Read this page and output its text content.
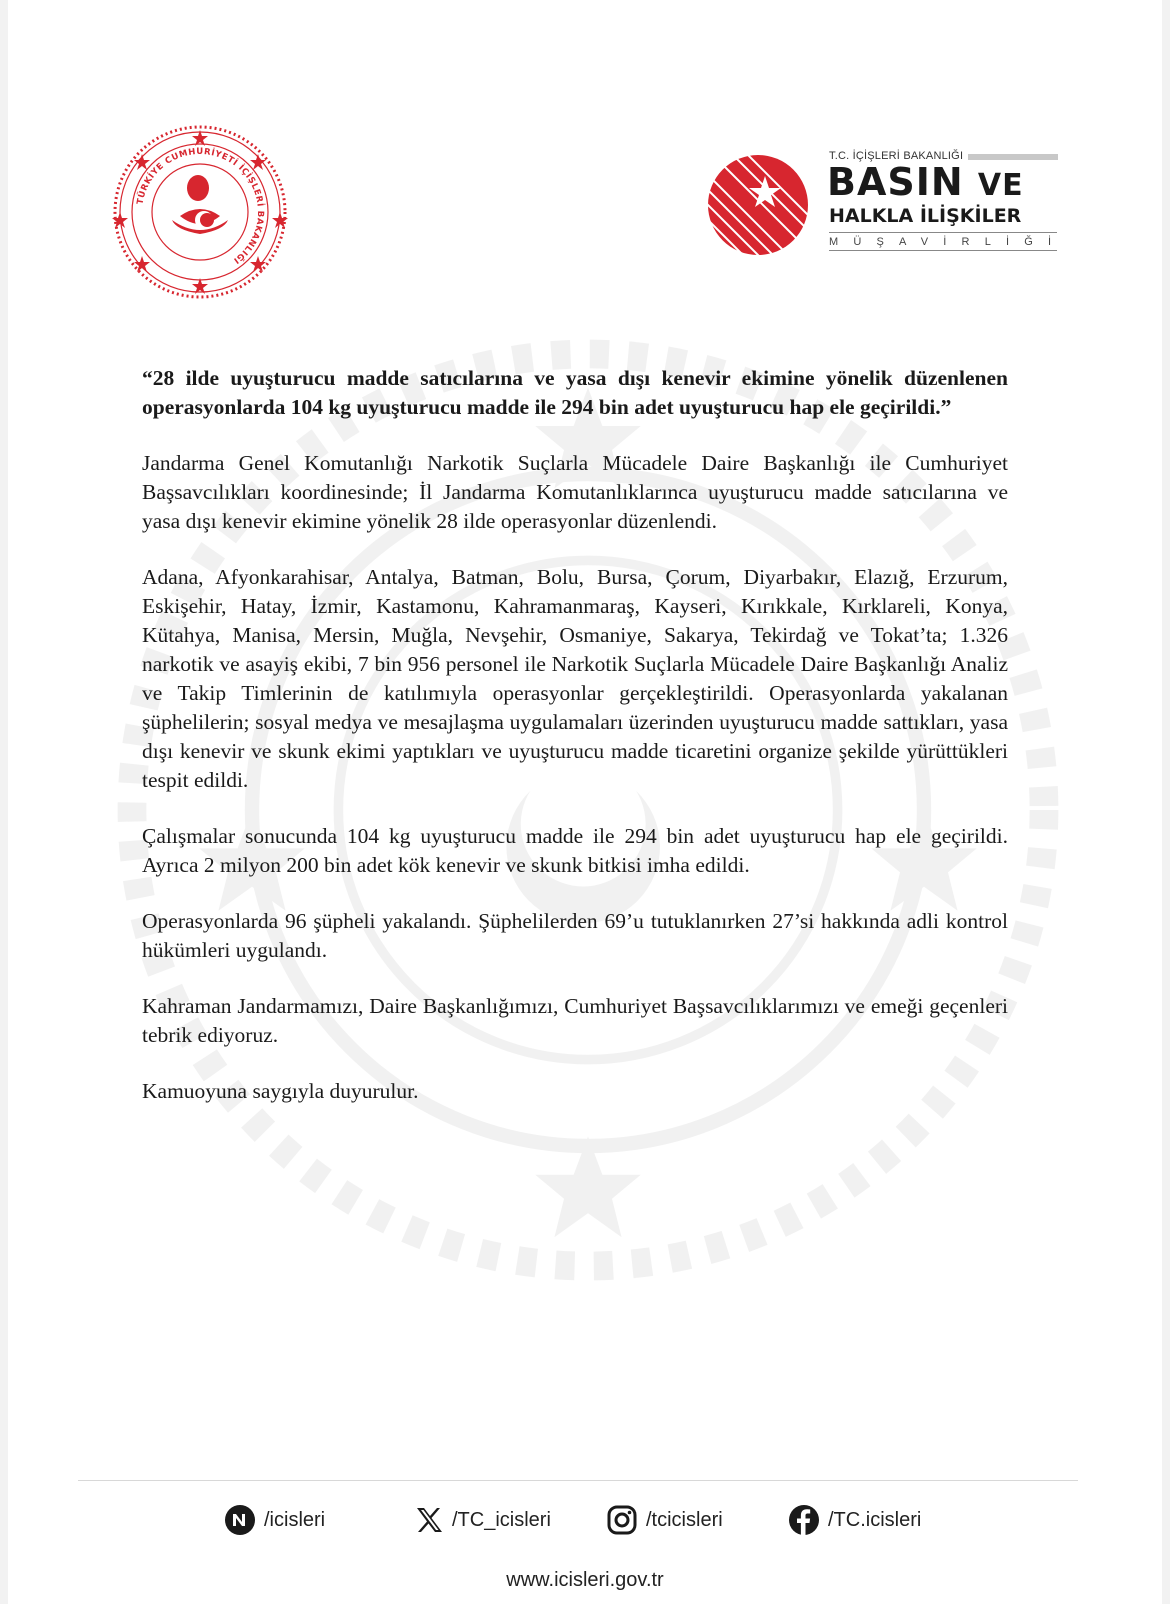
TÜRKİYE CUMHURİYETİ İÇİŞLERİ BAKANLIĞI
T.C. İÇİŞLERİ BAKANLIĞI
BASIN VE
HALKLA İLİŞKİLER
MÜŞAVİRLİĞİ

“28 ilde uyuşturucu madde satıcılarına ve yasa dışı kenevir ekimine yönelik düzenlenen operasyonlarda 104 kg uyuşturucu madde ile 294 bin adet uyuşturucu hap ele geçirildi.”

Jandarma Genel Komutanlığı Narkotik Suçlarla Mücadele Daire Başkanlığı ile Cumhuriyet Başsavcılıkları koordinesinde; İl Jandarma Komutanlıklarınca uyuşturucu madde satıcılarına ve yasa dışı kenevir ekimine yönelik 28 ilde operasyonlar düzenlendi.

Adana, Afyonkarahisar, Antalya, Batman, Bolu, Bursa, Çorum, Diyarbakır, Elazığ, Erzurum, Eskişehir, Hatay, İzmir, Kastamonu, Kahramanmaraş, Kayseri, Kırıkkale, Kırklareli, Konya, Kütahya, Manisa, Mersin, Muğla, Nevşehir, Osmaniye, Sakarya, Tekirdağ ve Tokat’ta; 1.326 narkotik ve asayiş ekibi, 7 bin 956 personel ile Narkotik Suçlarla Mücadele Daire Başkanlığı Analiz ve Takip Timlerinin de katılımıyla operasyonlar gerçekleştirildi. Operasyonlarda yakalanan şüphelilerin; sosyal medya ve mesajlaşma uygulamaları üzerinden uyuşturucu madde sattıkları, yasa dışı kenevir ve skunk ekimi yaptıkları ve uyuşturucu madde ticaretini organize şekilde yürüttükleri tespit edildi.

Çalışmalar sonucunda 104 kg uyuşturucu madde ile 294 bin adet uyuşturucu hap ele geçirildi. Ayrıca 2 milyon 200 bin adet kök kenevir ve skunk bitkisi imha edildi.

Operasyonlarda 96 şüpheli yakalandı. Şüphelilerden 69’u tutuklanırken 27’si hakkında adli kontrol hükümleri uygulandı.

Kahraman Jandarmamızı, Daire Başkanlığımızı, Cumhuriyet Başsavcılıklarımızı ve emeği geçenleri tebrik ediyoruz.

Kamuoyuna saygıyla duyurulur.

/icisleri	/TC_icisleri	/tcicisleri	/TC.icisleri
www.icisleri.gov.tr
